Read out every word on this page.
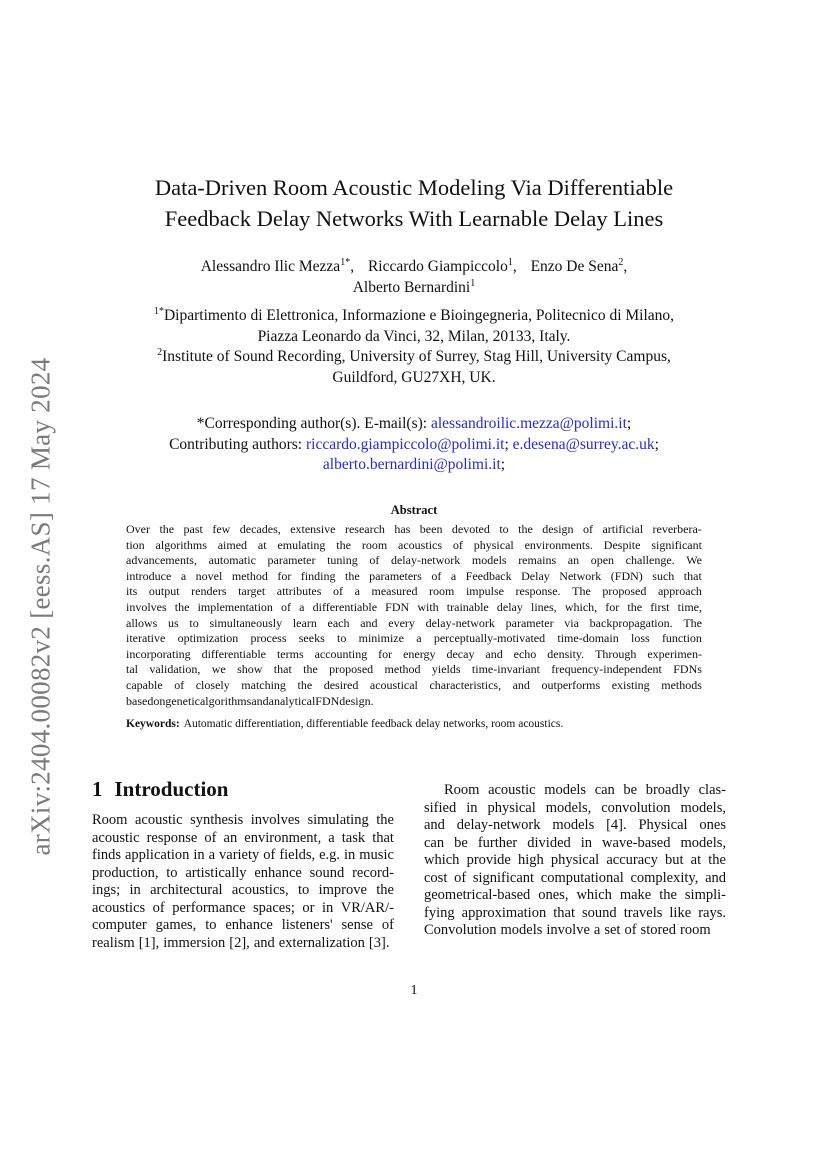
arXiv:2404.00082v2 [eess.AS] 17 May 2024
Data-Driven Room Acoustic Modeling Via Differentiable
Feedback Delay Networks With Learnable Delay Lines
Alessandro Ilic Mezza$^{1*}$, Riccardo Giampiccolo$^1$, Enzo De Sena$^2$,
Alberto Bernardini$^1$
$^{1*}$Dipartimento di Elettronica, Informazione e Bioingegneria, Politecnico di Milano,
Piazza Leonardo da Vinci, 32, Milan, 20133, Italy.
$^2$Institute of Sound Recording, University of Surrey, Stag Hill, University Campus,
Guildford, GU27XH, UK.
*Corresponding author(s). E-mail(s): alessandroilic.mezza@polimi.it;
Contributing authors: riccardo.giampiccolo@polimi.it; e.desena@surrey.ac.uk;
alberto.bernardini@polimi.it;
Abstract
Over the past few decades, extensive research has been devoted to the design of artificial reverbera-
tion algorithms aimed at emulating the room acoustics of physical environments. Despite significant
advancements, automatic parameter tuning of delay-network models remains an open challenge. We
introduce a novel method for finding the parameters of a Feedback Delay Network (FDN) such that
its output renders target attributes of a measured room impulse response. The proposed approach
involves the implementation of a differentiable FDN with trainable delay lines, which, for the first time,
allows us to simultaneously learn each and every delay-network parameter via backpropagation. The
iterative optimization process seeks to minimize a perceptually-motivated time-domain loss function
incorporating differentiable terms accounting for energy decay and echo density. Through experimen-
tal validation, we show that the proposed method yields time-invariant frequency-independent FDNs
capable of closely matching the desired acoustical characteristics, and outperforms existing methods
based on genetic algorithms and analytical FDN design.
Keywords: Automatic differentiation, differentiable feedback delay networks, room acoustics.
1 Introduction
Room acoustic synthesis involves simulating the
acoustic response of an environment, a task that
finds application in a variety of fields, e.g. in music
production, to artistically enhance sound record-
ings; in architectural acoustics, to improve the
acoustics of performance spaces; or in VR/AR/-
computer games, to enhance listeners' sense of
realism [1], immersion [2], and externalization [3].
Room acoustic models can be broadly clas-
sified in physical models, convolution models,
and delay-network models [4]. Physical ones
can be further divided in wave-based models,
which provide high physical accuracy but at the
cost of significant computational complexity, and
geometrical-based ones, which make the simpli-
fying approximation that sound travels like rays.
Convolution models involve a set of stored room
1
